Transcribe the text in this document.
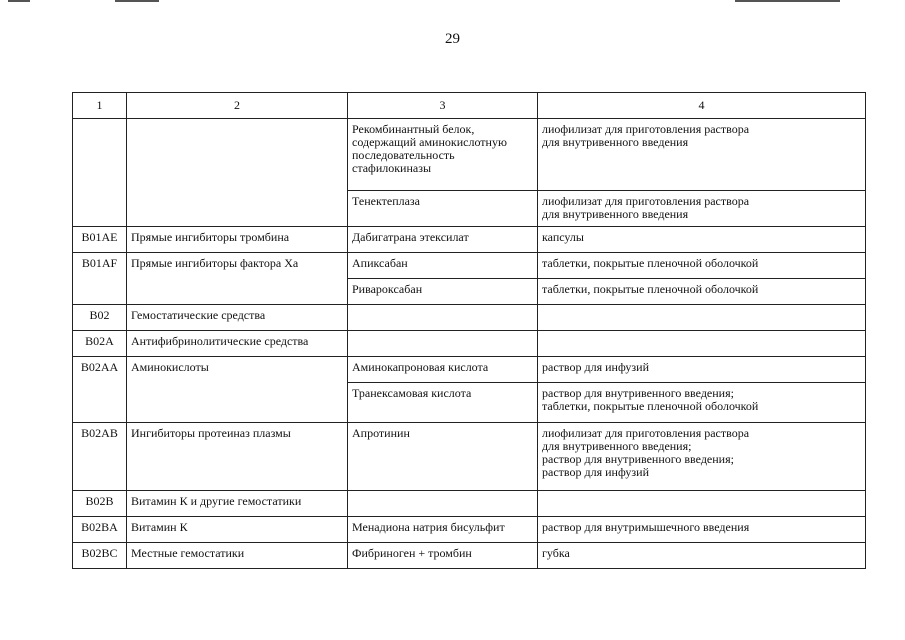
29
1	2	3	4
		Рекомбинантный белок, содержащий аминокислотную последовательность стафилокиназы	лиофилизат для приготовления раствора
для внутривенного введения

		Тенектеплаза	лиофилизат для приготовления раствора
для внутривенного введения

B01AE	Прямые ингибиторы тромбина	Дабигатрана этексилат	капсулы

B01AF	Прямые ингибиторы фактора Ха	Апиксабан	таблетки, покрытые пленочной оболочкой

		Ривароксабан	таблетки, покрытые пленочной оболочкой

B02	Гемостатические средства		
B02A	Антифибринолитические средства		
B02AA	Аминокислоты	Аминокапроновая кислота	раствор для инфузий

		Транексамовая кислота	раствор для внутривенного введения;
таблетки, покрытые пленочной оболочкой

B02AB	Ингибиторы протеиназ плазмы	Апротинин	лиофилизат для приготовления раствора
для внутривенного введения;
раствор для внутривенного введения;
раствор для инфузий

B02B	Витамин К и другие гемостатики		
B02BA	Витамин К	Менадиона натрия бисульфит	раствор для внутримышечного введения

B02BC	Местные гемостатики	Фибриноген + тромбин	губка
